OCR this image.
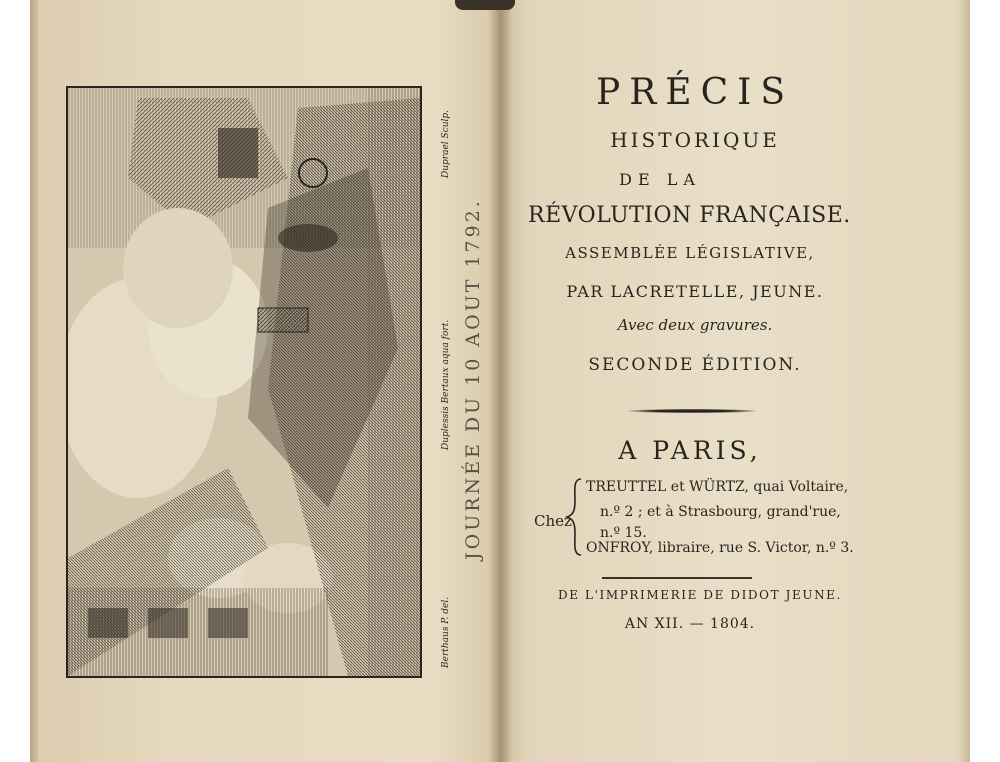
JOURNÉE DU 10 AOUT 1792.
Duprael Sculp.
Duplessis Bertaux aqua fort.
Berthaus P. del.
PRÉCIS
HISTORIQUE
DE LA
RÉVOLUTION FRANÇAISE.
ASSEMBLÉE LÉGISLATIVE,
PAR LACRETELLE, JEUNE.
Avec deux gravures.
SECONDE ÉDITION.
A PARIS,
Chez
TREUTTEL et WÜRTZ, quai Voltaire,
n.º 2 ; et à Strasbourg, grand'rue,
n.º 15.
ONFROY, libraire, rue S. Victor, n.º 3.
DE L'IMPRIMERIE DE DIDOT JEUNE.
AN XII. — 1804.
